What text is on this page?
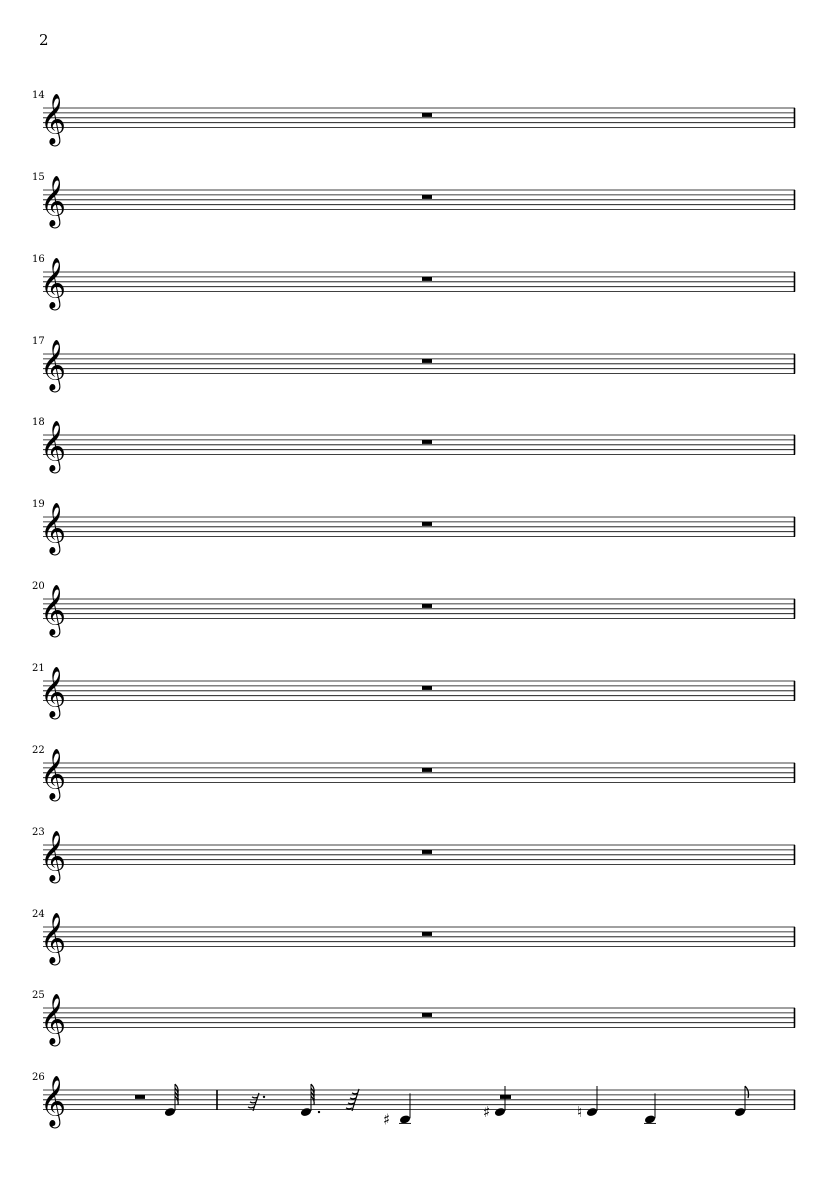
2
14
𝄞
15
𝄞
16
𝄞
17
𝄞
18
𝄞
19
𝄞
20
𝄞
21
𝄞
22
𝄞
23
𝄞
24
𝄞
25
𝄞
26
𝄞	♯	♯	♮
